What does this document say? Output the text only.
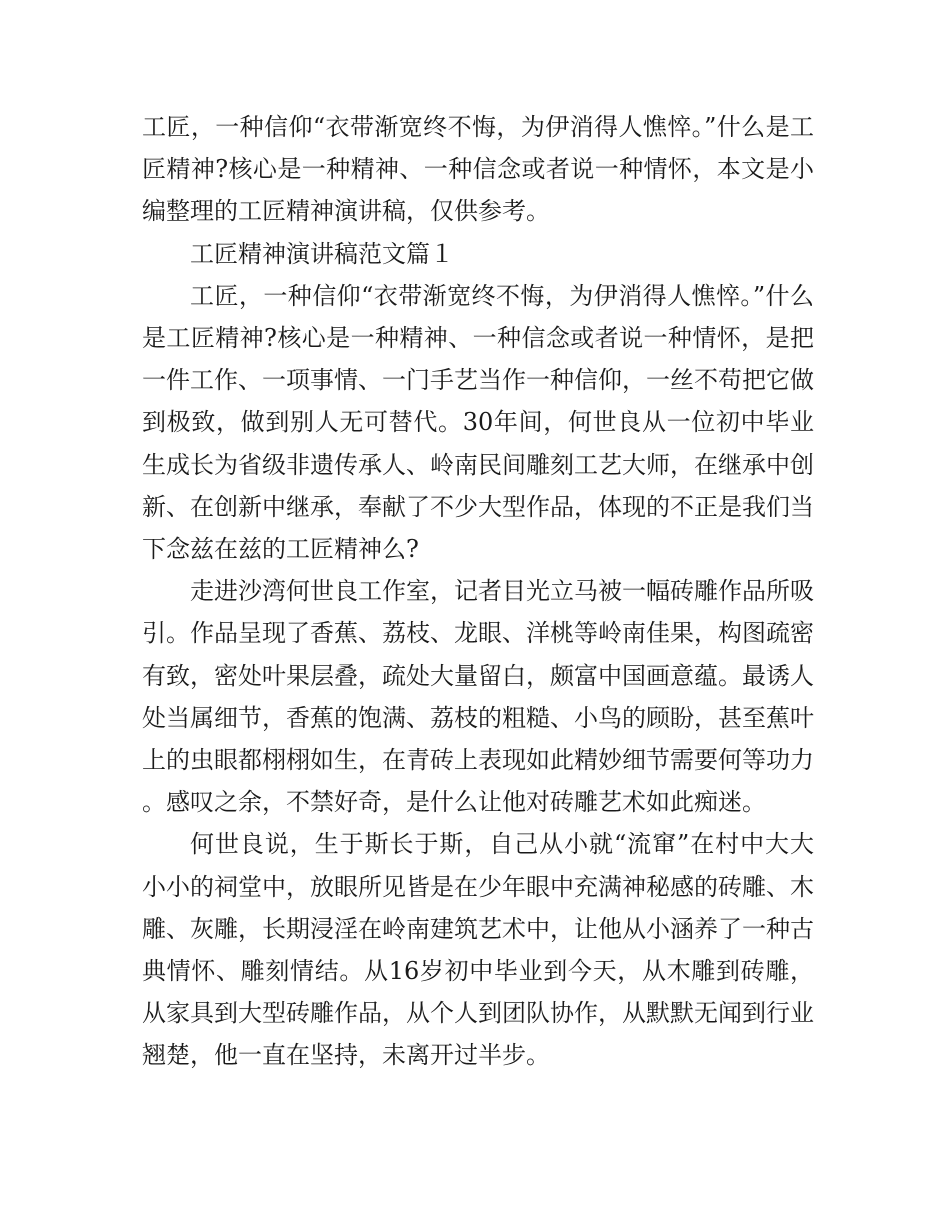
工匠，一种信仰“衣带渐宽终不悔，为伊消得人憔悴。”什么是工匠精神?核心是一种精神、一种信念或者说一种情怀，本文是小编整理的工匠精神演讲稿，仅供参考。

工匠精神演讲稿范文篇１

工匠，一种信仰“衣带渐宽终不悔，为伊消得人憔悴。”什么是工匠精神?核心是一种精神、一种信念或者说一种情怀，是把一件工作、一项事情、一门手艺当作一种信仰，一丝不苟把它做到极致，做到别人无可替代。30年间，何世良从一位初中毕业生成长为省级非遗传承人、岭南民间雕刻工艺大师，在继承中创新、在创新中继承，奉献了不少大型作品，体现的不正是我们当下念兹在兹的工匠精神么?

走进沙湾何世良工作室，记者目光立马被一幅砖雕作品所吸引。作品呈现了香蕉、荔枝、龙眼、洋桃等岭南佳果，构图疏密有致，密处叶果层叠，疏处大量留白，颇富中国画意蕴。最诱人处当属细节，香蕉的饱满、荔枝的粗糙、小鸟的顾盼，甚至蕉叶上的虫眼都栩栩如生，在青砖上表现如此精妙细节需要何等功力。感叹之余，不禁好奇，是什么让他对砖雕艺术如此痴迷。

何世良说，生于斯长于斯，自己从小就“流窜”在村中大大小小的祠堂中，放眼所见皆是在少年眼中充满神秘感的砖雕、木雕、灰雕，长期浸淫在岭南建筑艺术中，让他从小涵养了一种古典情怀、雕刻情结。从16岁初中毕业到今天，从木雕到砖雕，从家具到大型砖雕作品，从个人到团队协作，从默默无闻到行业翘楚，他一直在坚持，未离开过半步。
